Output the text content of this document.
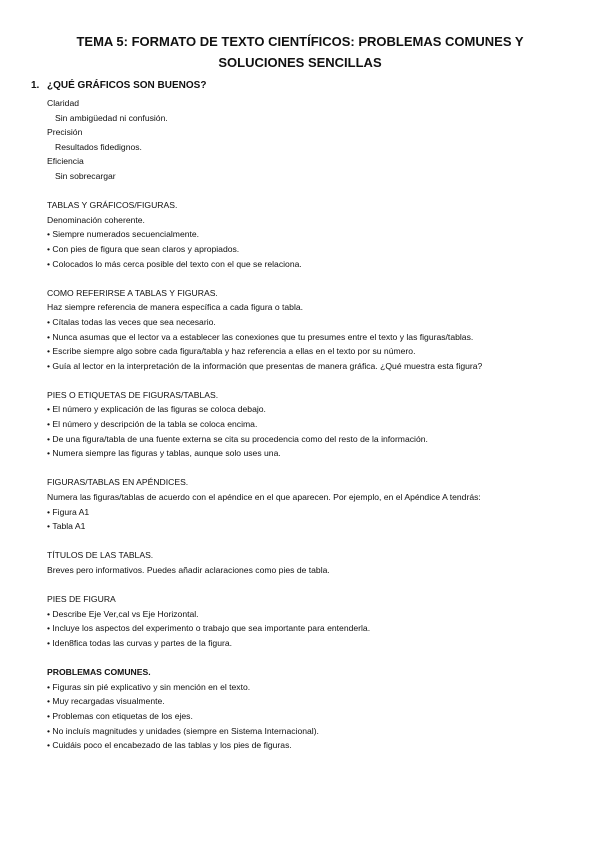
TEMA 5: FORMATO DE TEXTO CIENTÍFICOS: PROBLEMAS COMUNES Y
SOLUCIONES SENCILLAS
1. ¿QUÉ GRÁFICOS SON BUENOS?
Claridad
Sin ambigüedad ni confusión.
Precisión
Resultados fidedignos.
Eficiencia
Sin sobrecargar
TABLAS Y GRÁFICOS/FIGURAS.
Denominación coherente.
• Siempre numerados secuencialmente.
• Con pies de figura que sean claros y apropiados.
• Colocados lo más cerca posible del texto con el que se relaciona.
COMO REFERIRSE A TABLAS Y FIGURAS.
Haz siempre referencia de manera específica a cada figura o tabla.
• Cítalas todas las veces que sea necesario.
• Nunca asumas que el lector va a establecer las conexiones que tu presumes entre el texto y las figuras/tablas.
• Escribe siempre algo sobre cada figura/tabla y haz referencia a ellas en el texto por su número.
• Guía al lector en la interpretación de la información que presentas de manera gráfica. ¿Qué muestra esta figura?
PIES O ETIQUETAS DE FIGURAS/TABLAS.
• El número y explicación de las figuras se coloca debajo.
• El número y descripción de la tabla se coloca encima.
• De una figura/tabla de una fuente externa se cita su procedencia como del resto de la información.
• Numera siempre las figuras y tablas, aunque solo uses una.
FIGURAS/TABLAS EN APÉNDICES.
Numera las figuras/tablas de acuerdo con el apéndice en el que aparecen. Por ejemplo, en el Apéndice A tendrás:
• Figura A1
• Tabla A1
TÍTULOS DE LAS TABLAS.
Breves pero informativos. Puedes añadir aclaraciones como pies de tabla.
PIES DE FIGURA
• Describe Eje Ver,cal vs Eje Horizontal.
• Incluye los aspectos del experimento o trabajo que sea importante para entenderla.
• Iden8fica todas las curvas y partes de la figura.
PROBLEMAS COMUNES.
• Figuras sin pié explicativo y sin mención en el texto.
• Muy recargadas visualmente.
• Problemas con etiquetas de los ejes.
• No incluís magnitudes y unidades (siempre en Sistema Internacional).
• Cuidáis poco el encabezado de las tablas y los pies de figuras.
